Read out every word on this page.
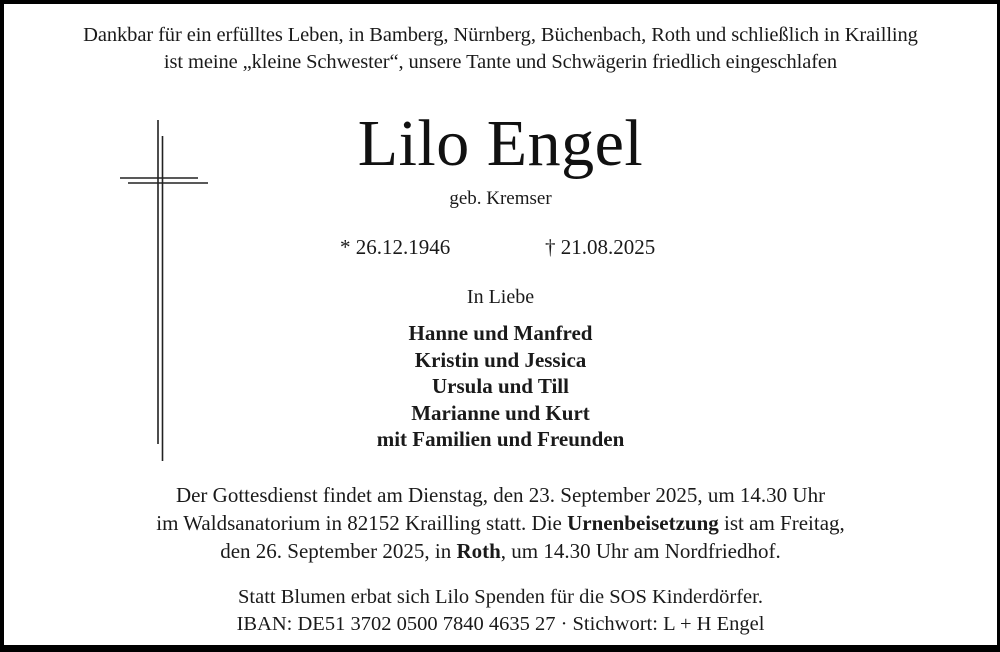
Dankbar für ein erfülltes Leben, in Bamberg, Nürnberg, Büchenbach, Roth und schließlich in Krailling
ist meine „kleine Schwester“, unsere Tante und Schwägerin friedlich eingeschlafen
Lilo Engel
geb. Kremser
* 26.12.1946	† 21.08.2025
In Liebe
Hanne und Manfred
Kristin und Jessica
Ursula und Till
Marianne und Kurt
mit Familien und Freunden
Der Gottesdienst findet am Dienstag, den 23. September 2025, um 14.30 Uhr
im Waldsanatorium in 82152 Krailling statt. Die Urnenbeisetzung ist am Freitag,
den 26. September 2025, in Roth, um 14.30 Uhr am Nordfriedhof.
Statt Blumen erbat sich Lilo Spenden für die SOS Kinderdörfer.
IBAN: DE51 3702 0500 7840 4635 27 · Stichwort: L + H Engel
